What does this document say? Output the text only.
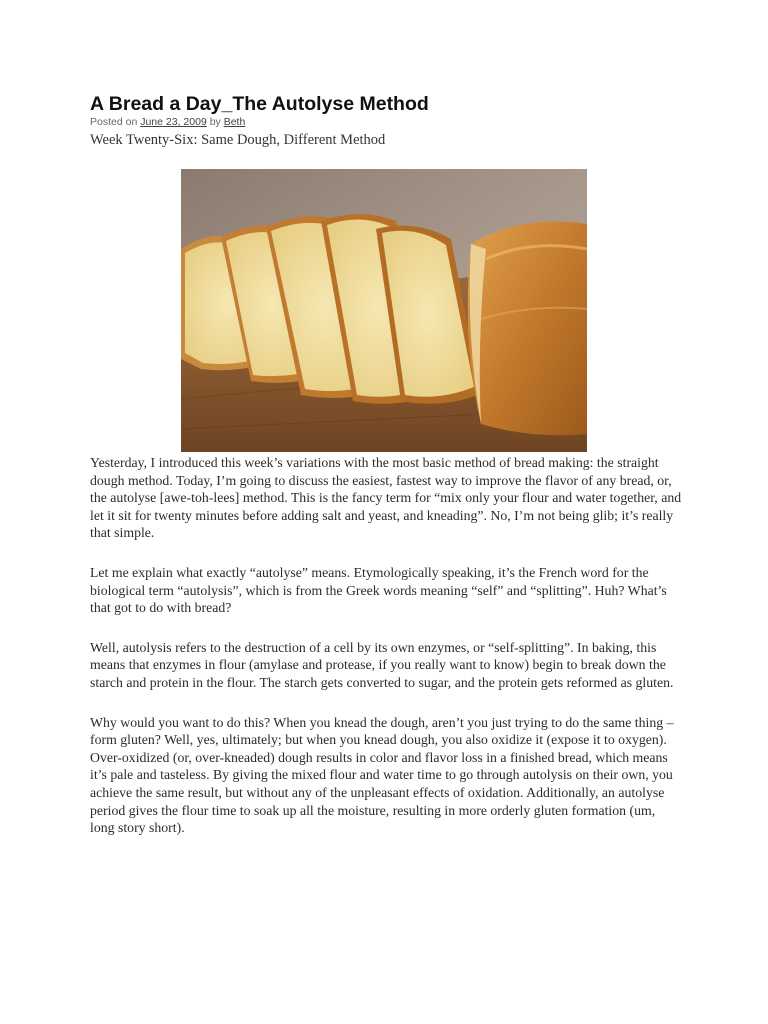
A Bread a Day_The Autolyse Method
Posted on June 23, 2009 by Beth
Week Twenty-Six: Same Dough, Different Method

Yesterday, I introduced this week’s variations with the most basic method of bread making: the straight dough method. Today, I’m going to discuss the easiest, fastest way to improve the flavor of any bread, or, the autolyse [awe-toh-lees] method. This is the fancy term for “mix only your flour and water together, and let it sit for twenty minutes before adding salt and yeast, and kneading”. No, I’m not being glib; it’s really that simple.

Let me explain what exactly “autolyse” means. Etymologically speaking, it’s the French word for the biological term “autolysis”, which is from the Greek words meaning “self” and “splitting”. Huh? What’s that got to do with bread?

Well, autolysis refers to the destruction of a cell by its own enzymes, or “self-splitting”. In baking, this means that enzymes in flour (amylase and protease, if you really want to know) begin to break down the starch and protein in the flour. The starch gets converted to sugar, and the protein gets reformed as gluten.

Why would you want to do this? When you knead the dough, aren’t you just trying to do the same thing – form gluten? Well, yes, ultimately; but when you knead dough, you also oxidize it (expose it to oxygen). Over-oxidized (or, over-kneaded) dough results in color and flavor loss in a finished bread, which means it’s pale and tasteless. By giving the mixed flour and water time to go through autolysis on their own, you achieve the same result, but without any of the unpleasant effects of oxidation. Additionally, an autolyse period gives the flour time to soak up all the moisture, resulting in more orderly gluten formation (um, long story short).
